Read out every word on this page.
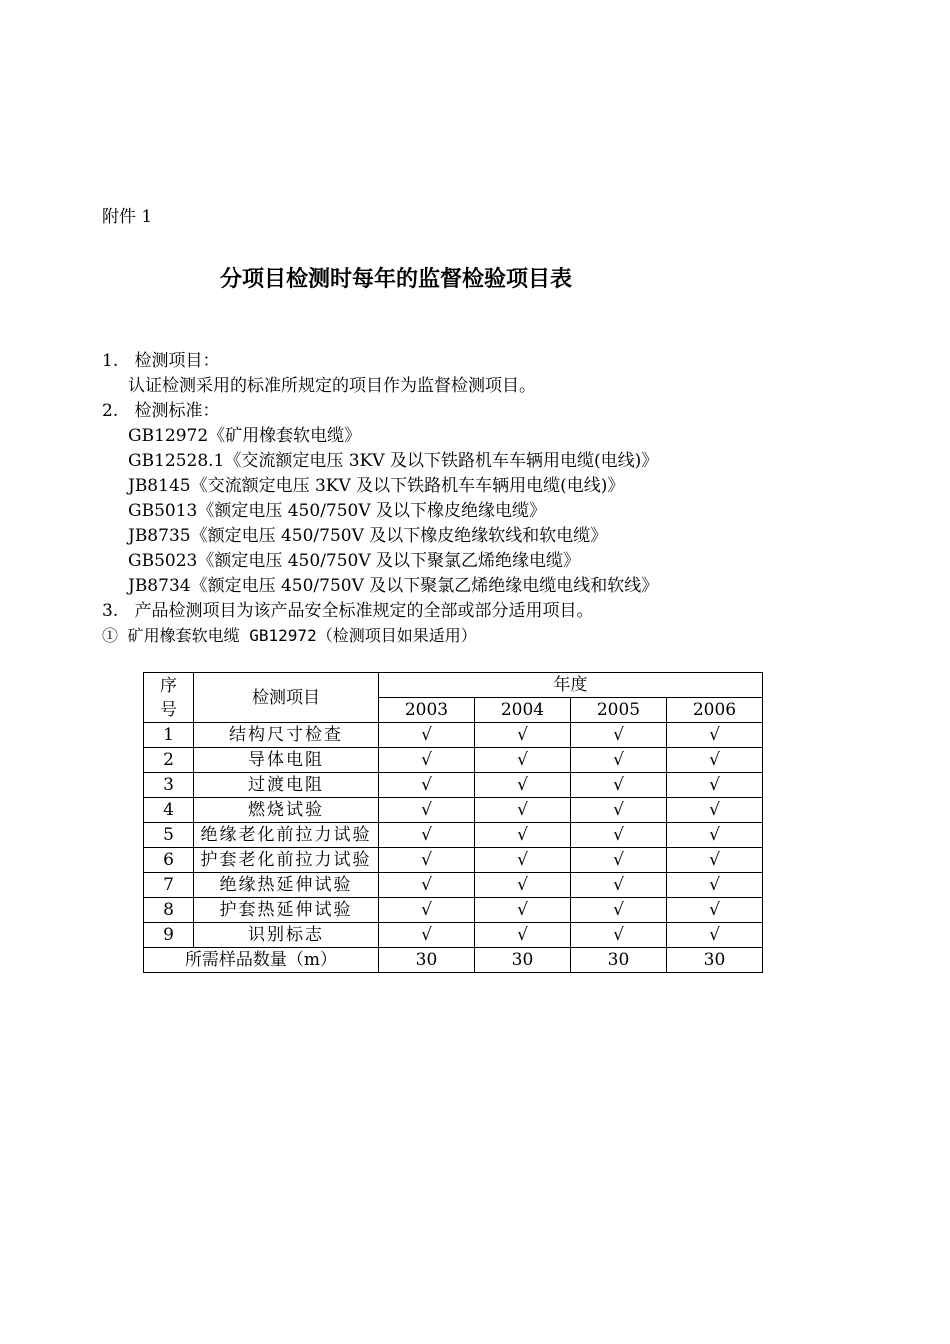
附件 1
分项目检测时每年的监督检验项目表
1. 检测项目：
认证检测采用的标准所规定的项目作为监督检测项目。
2. 检测标准：
GB12972《矿用橡套软电缆》
GB12528.1《交流额定电压 3KV 及以下铁路机车车辆用电缆(电线)》
JB8145《交流额定电压 3KV 及以下铁路机车车辆用电缆(电线)》
GB5013《额定电压 450/750V 及以下橡皮绝缘电缆》
JB8735《额定电压 450/750V 及以下橡皮绝缘软线和软电缆》
GB5023《额定电压 450/750V 及以下聚氯乙烯绝缘电缆》
JB8734《额定电压 450/750V 及以下聚氯乙烯绝缘电缆电线和软线》
3. 产品检测项目为该产品安全标准规定的全部或部分适用项目。
① 矿用橡套软电缆 GB12972（检测项目如果适用）
序号	检测项目	年度			
		2003	2004	2005	2006
1	结构尺寸检查	√	√	√	√
2	导体电阻	√	√	√	√
3	过渡电阻	√	√	√	√
4	燃烧试验	√	√	√	√
5	绝缘老化前拉力试验	√	√	√	√
6	护套老化前拉力试验	√	√	√	√
7	绝缘热延伸试验	√	√	√	√
8	护套热延伸试验	√	√	√	√
9	识别标志	√	√	√	√
所需样品数量（m）		30	30	30	30
